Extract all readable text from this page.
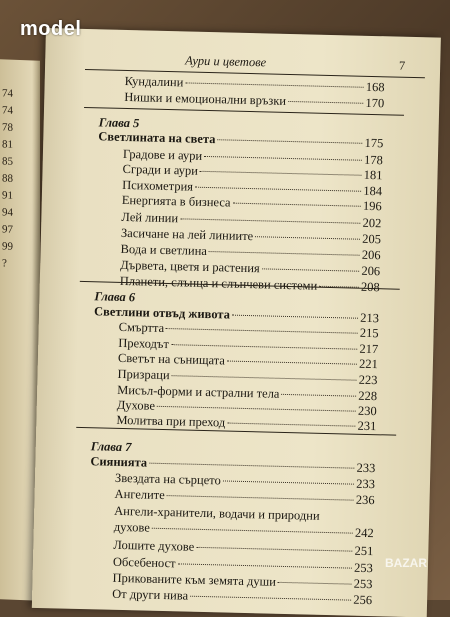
74
74
78
81
85
88
91
94
97
99
?
Аури и цветове	7
Кундалини	168
Нишки и емоционални връзки	170
Глава 5
Светлината на света	175
Градове и аури	178
Сгради и аури	181
Психометрия	184
Енергията в бизнеса	196
Лей линии	202
Засичане на лей линиите	205
Вода и светлина	206
Дървета, цветя и растения	206
Планети, слънца и слънчеви системи	208
Глава 6
Светлини отвъд живота	213
Смъртта	215
Преходът	217
Светът на сънищата	221
Призраци	223
Мисъл-форми и астрални тела	228
Духове	230
Молитва при преход	231
Глава 7
Сиянията	233
Звездата на сърцето	233
Ангелите	236
Ангели-хранители, водачи и природни
духове	242
Лошите духове	251
Обсебеност	253
Прикованите към земята души	253
От други нива	256
model
BAZAR
